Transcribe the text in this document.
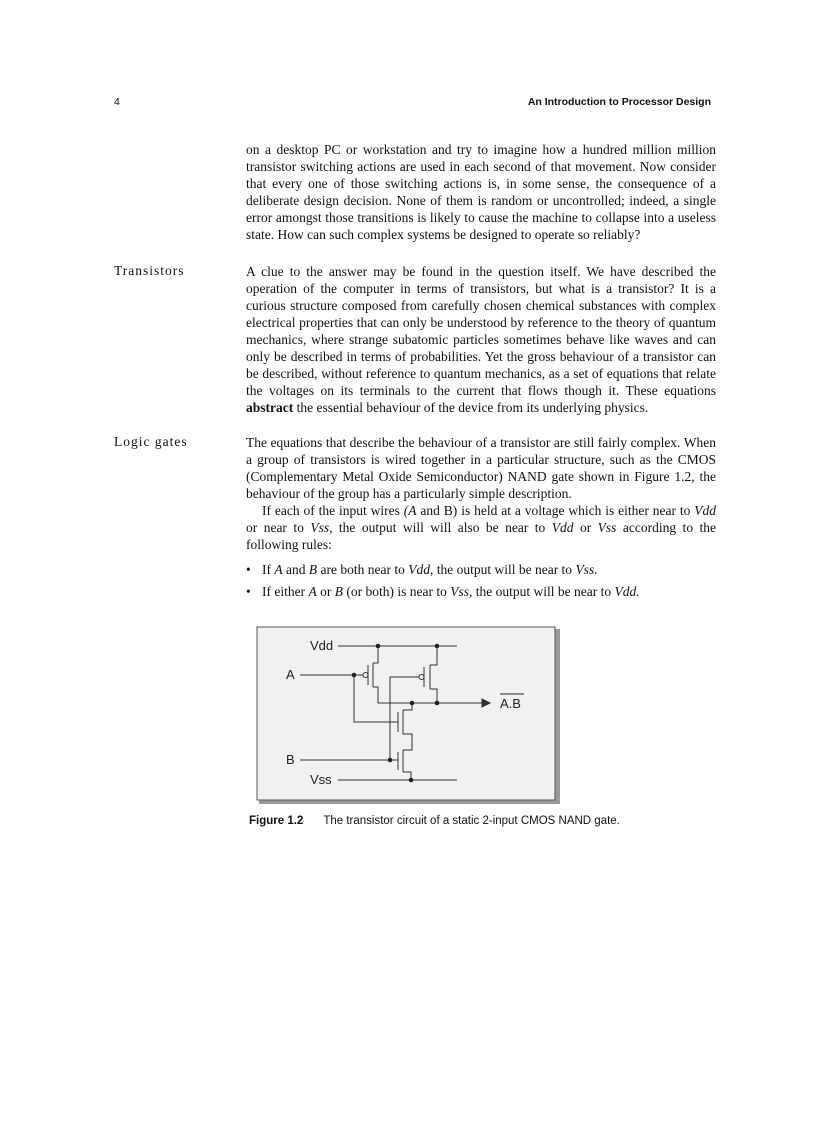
4	An Introduction to Processor Design
on a desktop PC or workstation and try to imagine how a hundred million million transistor switching actions are used in each second of that movement. Now consider that every one of those switching actions is, in some sense, the consequence of a deliberate design decision. None of them is random or uncontrolled; indeed, a single error amongst those transitions is likely to cause the machine to collapse into a useless state. How can such complex systems be designed to operate so reliably?
Transistors	A clue to the answer may be found in the question itself. We have described the operation of the computer in terms of transistors, but what is a transistor? It is a curious structure composed from carefully chosen chemical substances with complex electrical properties that can only be understood by reference to the theory of quantum mechanics, where strange subatomic particles sometimes behave like waves and can only be described in terms of probabilities. Yet the gross behaviour of a transistor can be described, without reference to quantum mechanics, as a set of equations that relate the voltages on its terminals to the current that flows though it. These equations abstract the essential behaviour of the device from its underlying physics.
Logic gates	The equations that describe the behaviour of a transistor are still fairly complex. When a group of transistors is wired together in a particular structure, such as the CMOS (Complementary Metal Oxide Semiconductor) NAND gate shown in Figure 1.2, the behaviour of the group has a particularly simple description.

If each of the input wires (A and B) is held at a voltage which is either near to Vdd or near to Vss, the output will will also be near to Vdd or Vss according to the following rules:

• If A and B are both near to Vdd, the output will be near to Vss.
• If either A or B (or both) is near to Vss, the output will be near to Vdd.
Vdd
A
B
Vss
A.B
Figure 1.2 The transistor circuit of a static 2-input CMOS NAND gate.
